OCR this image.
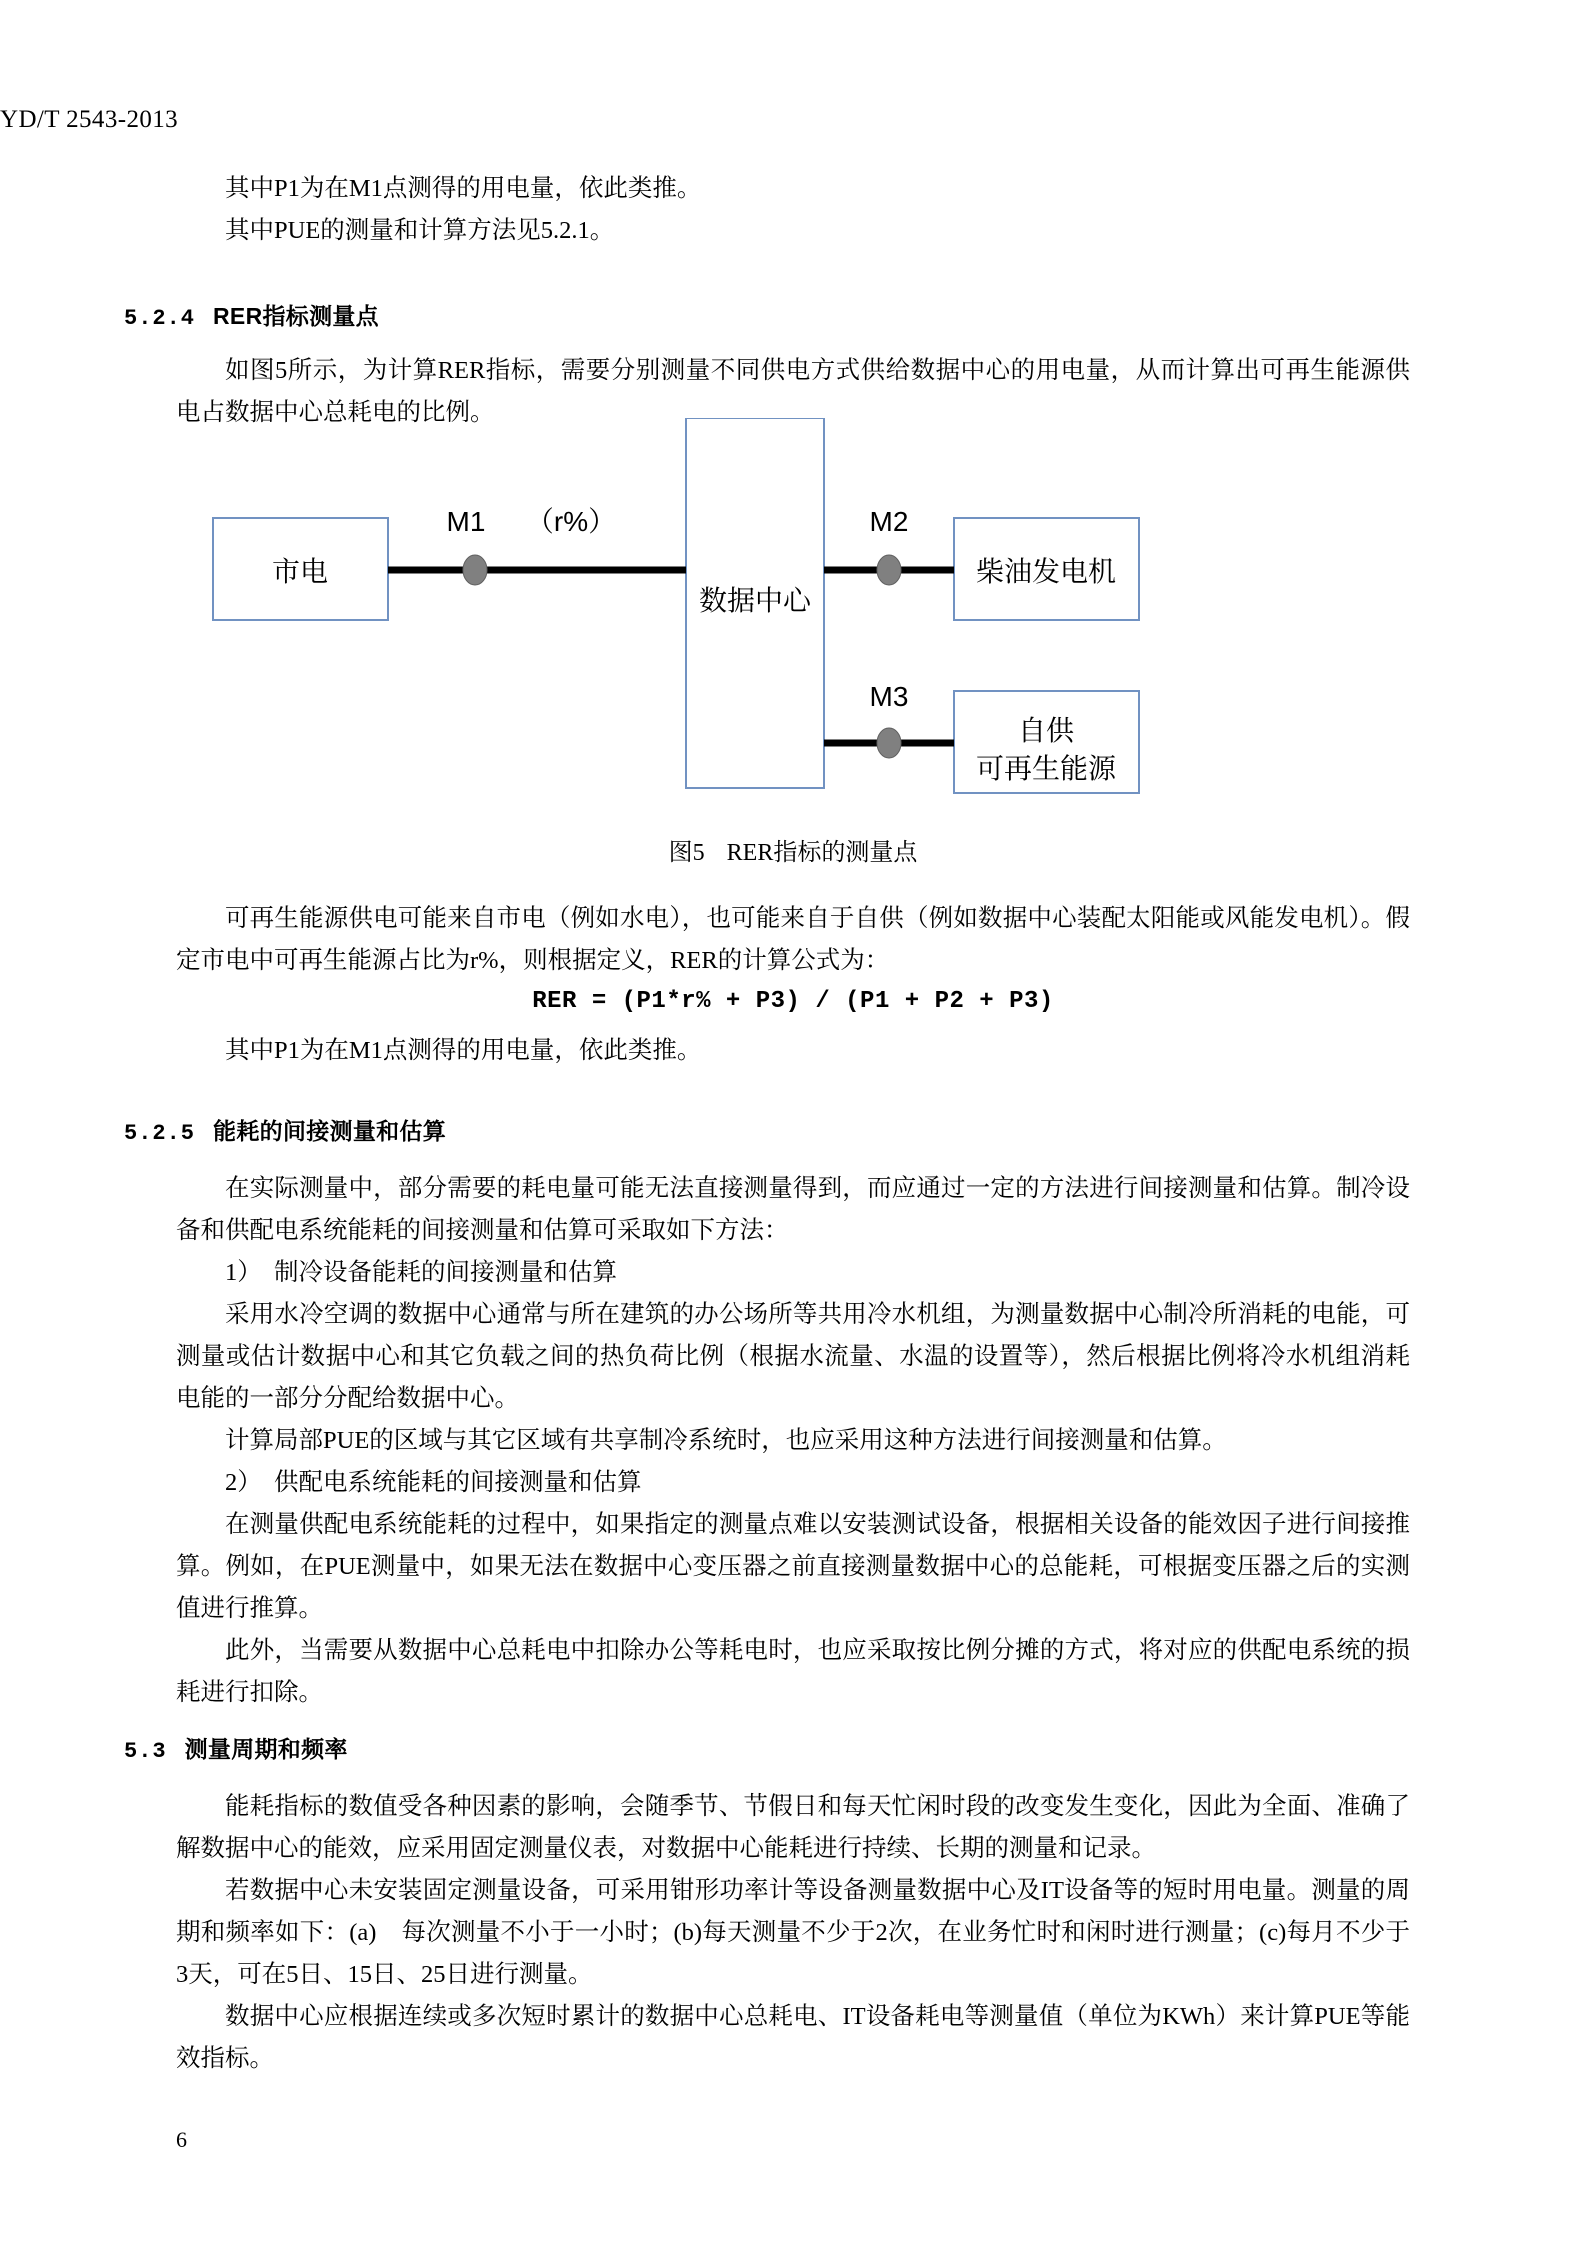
YD/T 2543-2013
其中P1为在M1点测得的用电量，依此类推。
其中PUE的测量和计算方法见5.2.1。
5.2.4 RER指标测量点
如图5所示，为计算RER指标，需要分别测量不同供电方式供给数据中心的用电量，从而计算出可再生能源供电占数据中心总耗电的比例。
市电
数据中心
柴油发电机
自供
可再生能源
M1 （r%）	M2
M3
图5 RER指标的测量点
可再生能源供电可能来自市电（例如水电），也可能来自于自供（例如数据中心装配太阳能或风能发电机）。假定市电中可再生能源占比为r%，则根据定义，RER的计算公式为：
RER = (P1*r% + P3) / (P1 + P2 + P3)
其中P1为在M1点测得的用电量，依此类推。
5.2.5 能耗的间接测量和估算
在实际测量中，部分需要的耗电量可能无法直接测量得到，而应通过一定的方法进行间接测量和估算。制冷设备和供配电系统能耗的间接测量和估算可采取如下方法：
1）　制冷设备能耗的间接测量和估算
采用水冷空调的数据中心通常与所在建筑的办公场所等共用冷水机组，为测量数据中心制冷所消耗的电能，可测量或估计数据中心和其它负载之间的热负荷比例（根据水流量、水温的设置等），然后根据比例将冷水机组消耗电能的一部分分配给数据中心。
计算局部PUE的区域与其它区域有共享制冷系统时，也应采用这种方法进行间接测量和估算。
2）　供配电系统能耗的间接测量和估算
在测量供配电系统能耗的过程中，如果指定的测量点难以安装测试设备，根据相关设备的能效因子进行间接推算。例如，在PUE测量中，如果无法在数据中心变压器之前直接测量数据中心的总能耗，可根据变压器之后的实测值进行推算。
此外，当需要从数据中心总耗电中扣除办公等耗电时，也应采取按比例分摊的方式，将对应的供配电系统的损耗进行扣除。
5.3 测量周期和频率
能耗指标的数值受各种因素的影响，会随季节、节假日和每天忙闲时段的改变发生变化，因此为全面、准确了解数据中心的能效，应采用固定测量仪表，对数据中心能耗进行持续、长期的测量和记录。
若数据中心未安装固定测量设备，可采用钳形功率计等设备测量数据中心及IT设备等的短时用电量。测量的周期和频率如下：(a)　每次测量不小于一小时；(b)每天测量不少于2次，在业务忙时和闲时进行测量；(c)每月不少于3天，可在5日、15日、25日进行测量。
数据中心应根据连续或多次短时累计的数据中心总耗电、IT设备耗电等测量值（单位为KWh）来计算PUE等能效指标。
6
